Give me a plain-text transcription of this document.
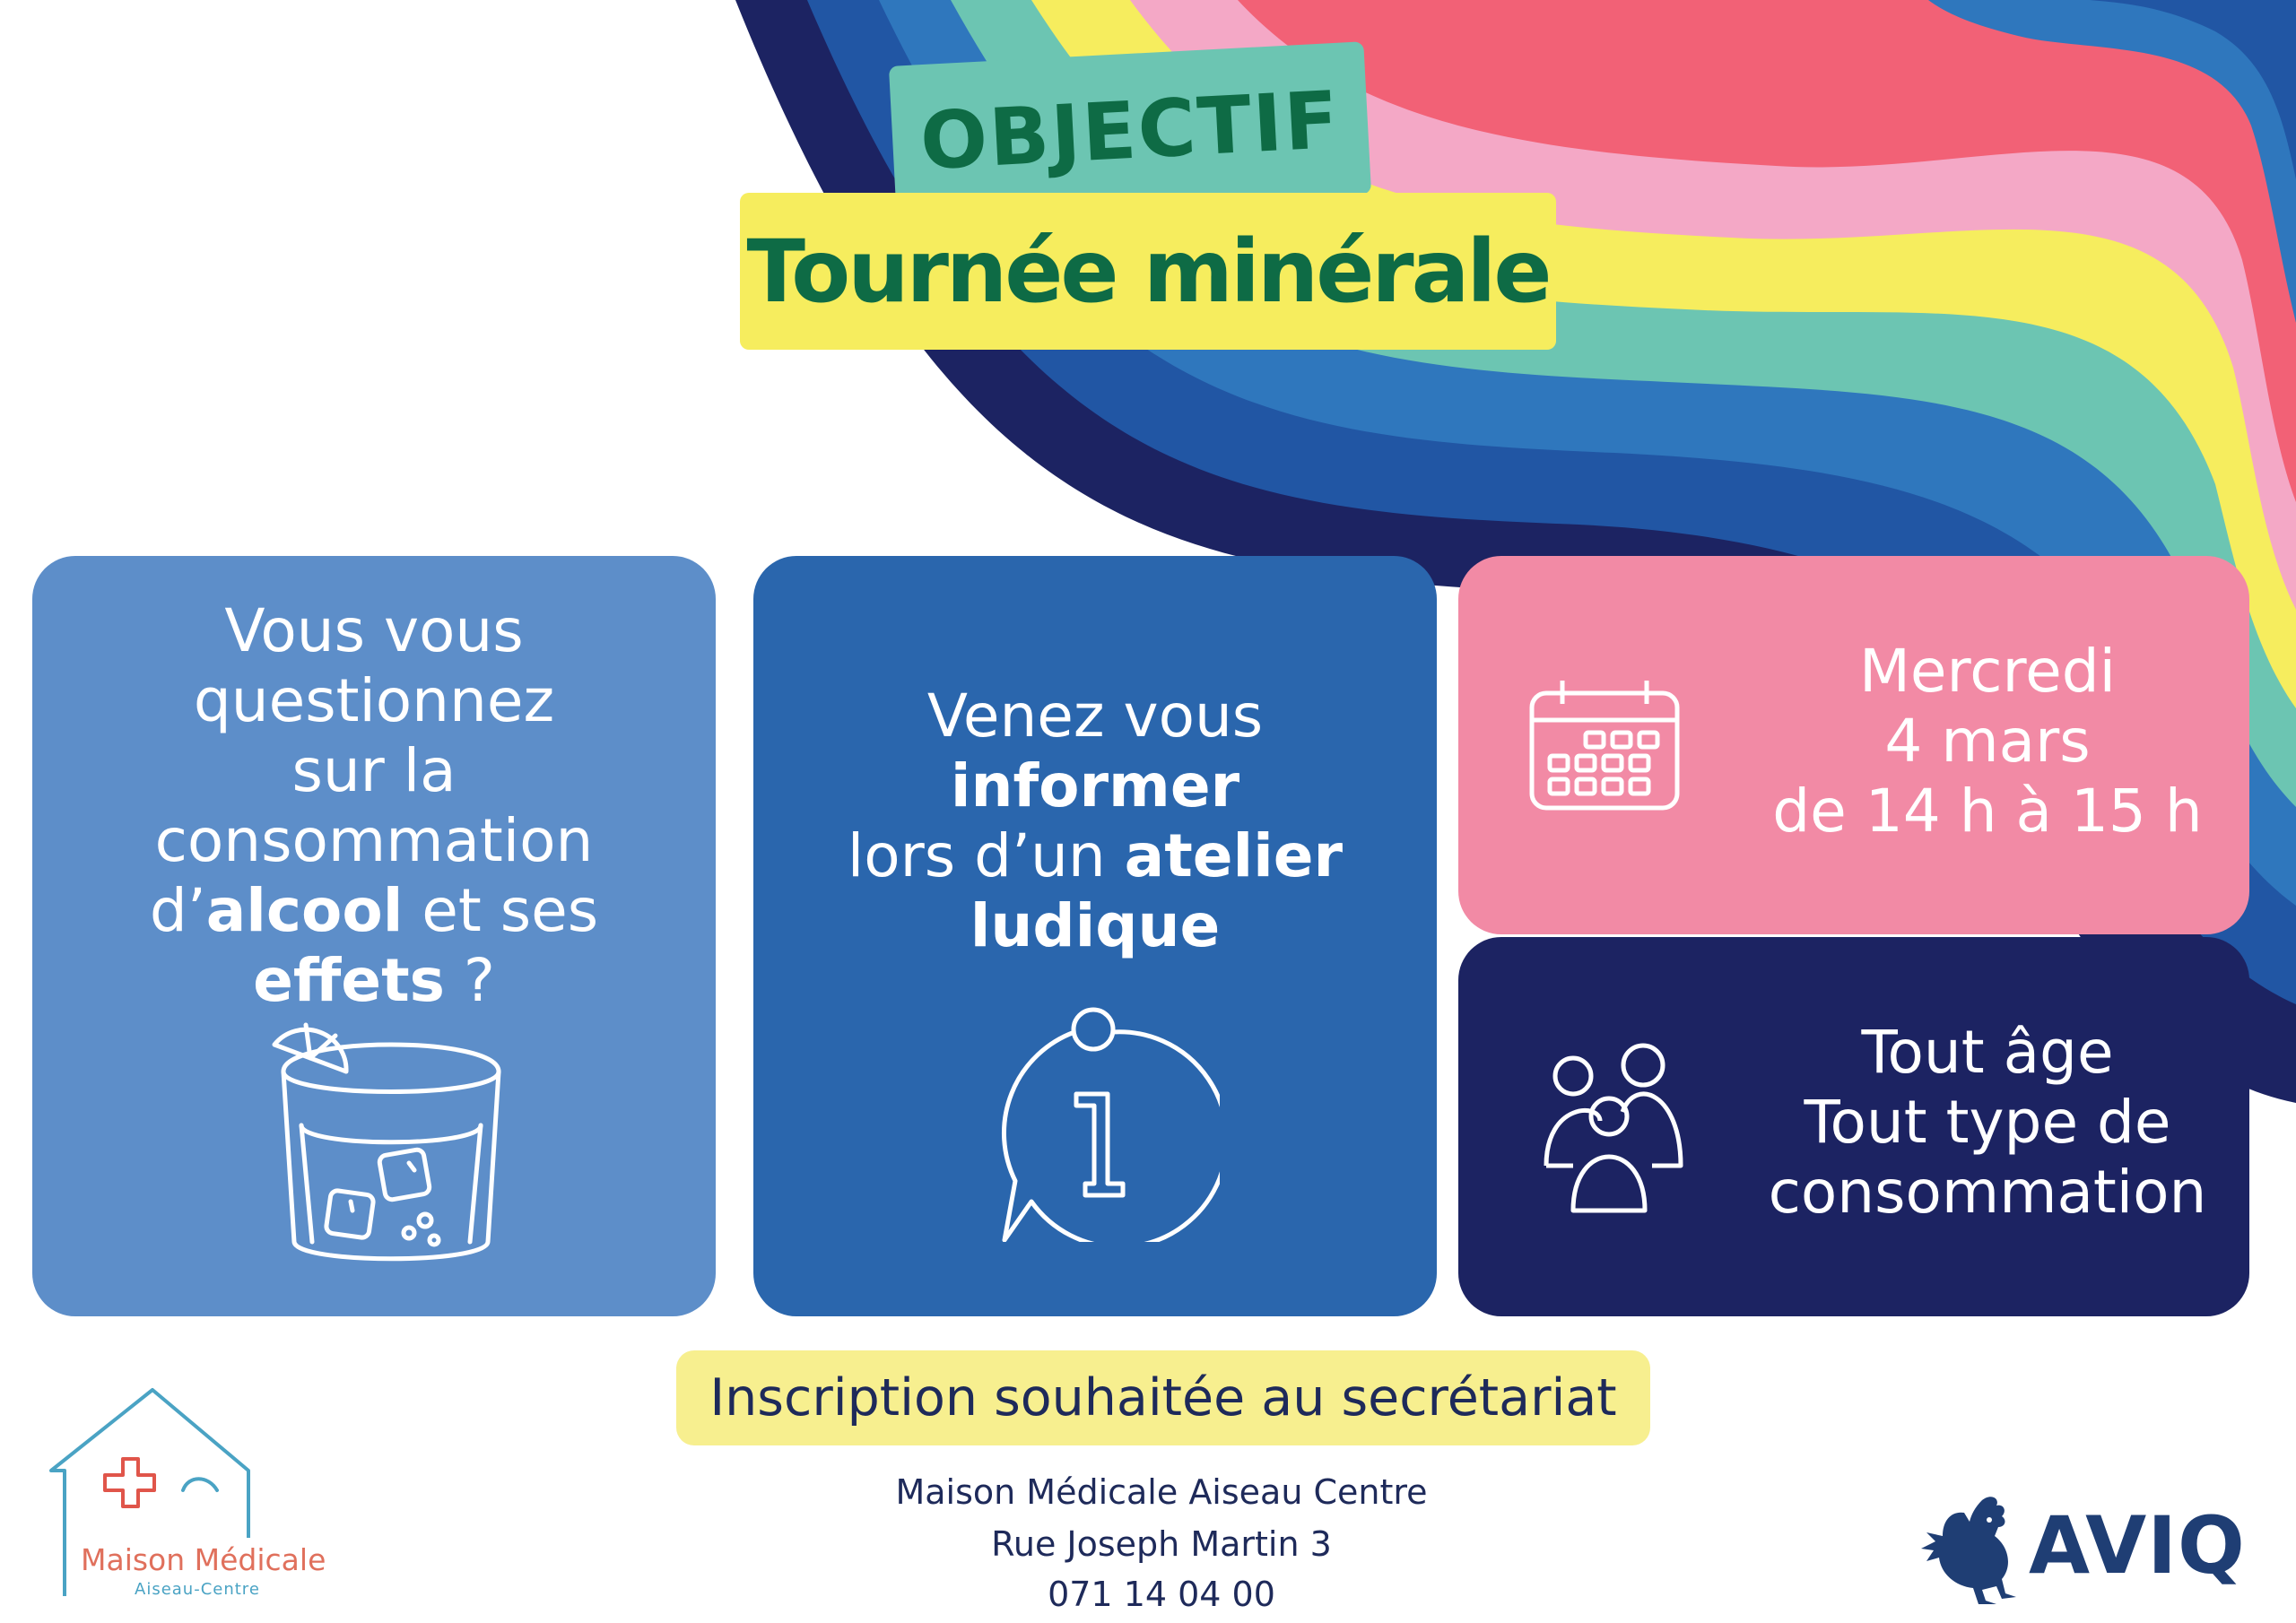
OBJECTIF
Tournée minérale
Vous vous
questionnez
sur la
consommation
d’alcool et ses
effets ?
Venez vous
informer
lors d’un atelier
ludique
Mercredi
4 mars
de 14 h à 15 h
Tout âge
Tout type de
consommation
Inscription souhaitée au secrétariat
Maison Médicale Aiseau Centre
Rue Joseph Martin 3
071 14 04 00
Maison Médicale
Aiseau-Centre	AVIQ
